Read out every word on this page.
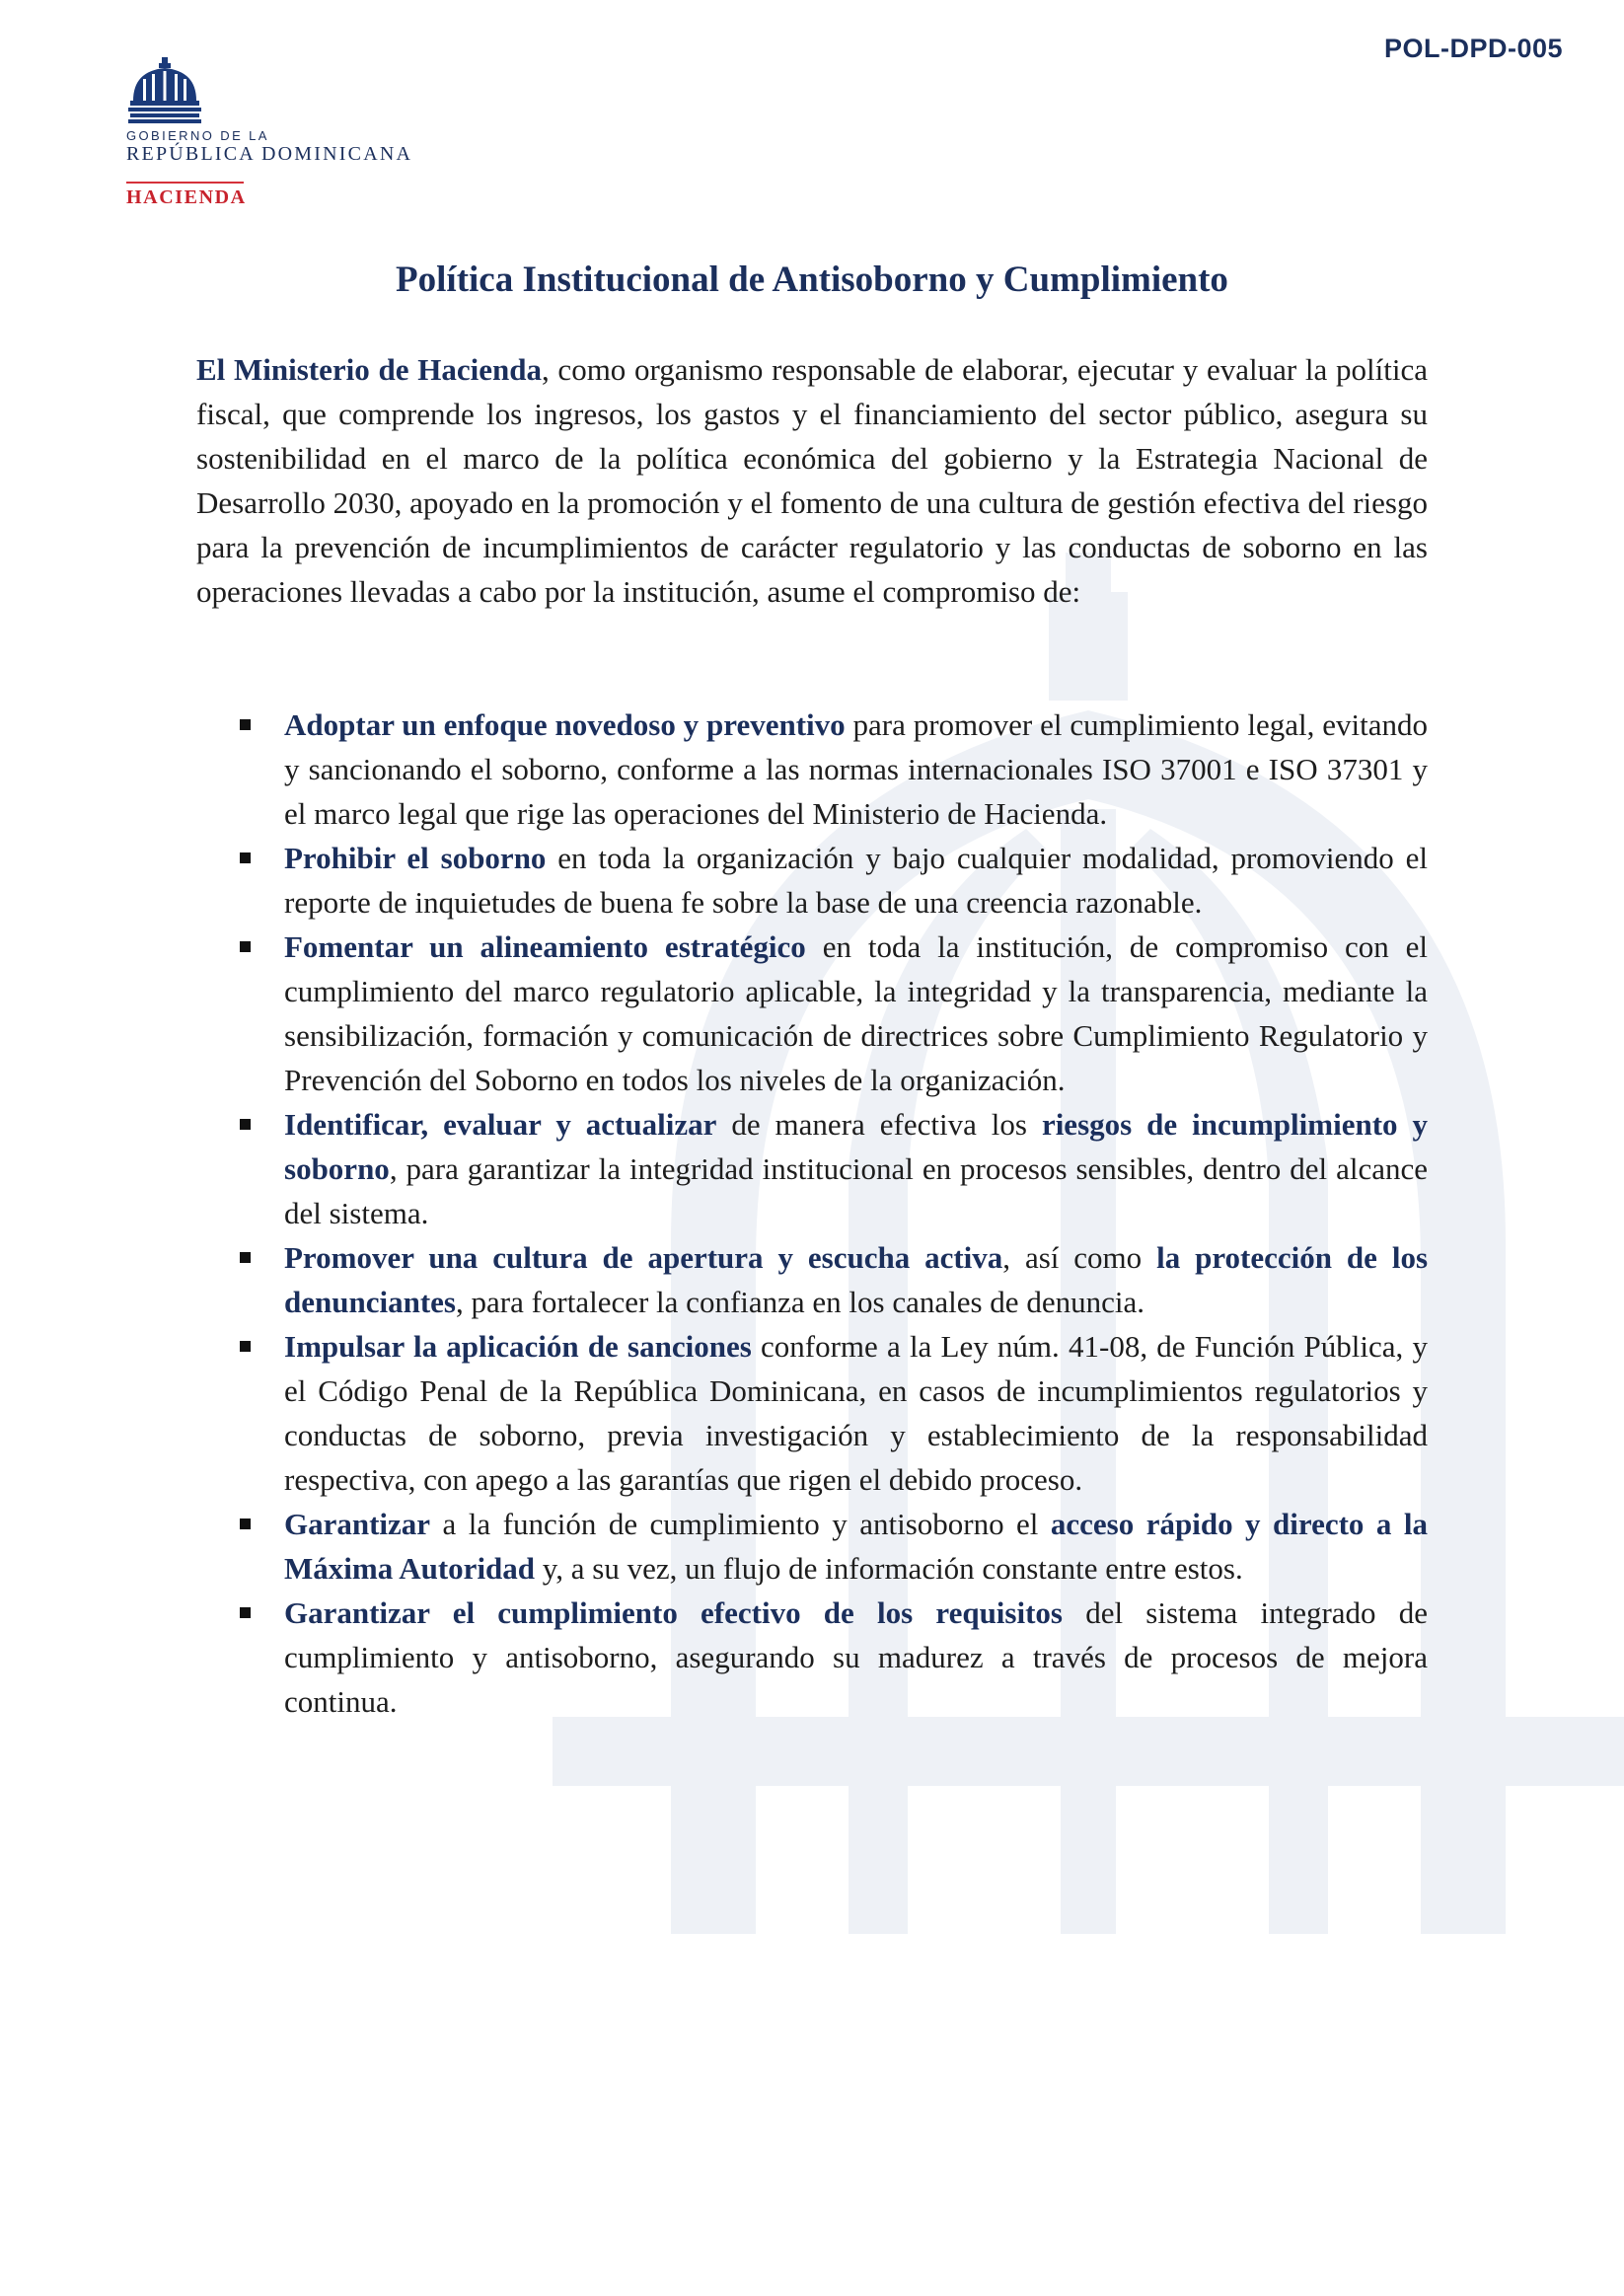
POL-DPD-005
GOBIERNO DE LA
REPÚBLICA DOMINICANA
HACIENDA
Política Institucional de Antisoborno y Cumplimiento

El Ministerio de Hacienda, como organismo responsable de elaborar, ejecutar y evaluar la política fiscal, que comprende los ingresos, los gastos y el financiamiento del sector público, asegura su sostenibilidad en el marco de la política económica del gobierno y la Estrategia Nacional de Desarrollo 2030, apoyado en la promoción y el fomento de una cultura de gestión efectiva del riesgo para la prevención de incumplimientos de carácter regulatorio y las conductas de soborno en las operaciones llevadas a cabo por la institución, asume el compromiso de:

Adoptar un enfoque novedoso y preventivo para promover el cumplimiento legal, evitando y sancionando el soborno, conforme a las normas internacionales ISO 37001 e ISO 37301 y el marco legal que rige las operaciones del Ministerio de Hacienda.
Prohibir el soborno en toda la organización y bajo cualquier modalidad, promoviendo el reporte de inquietudes de buena fe sobre la base de una creencia razonable.
Fomentar un alineamiento estratégico en toda la institución, de compromiso con el cumplimiento del marco regulatorio aplicable, la integridad y la transparencia, mediante la sensibilización, formación y comunicación de directrices sobre Cumplimiento Regulatorio y Prevención del Soborno en todos los niveles de la organización.
Identificar, evaluar y actualizar de manera efectiva los riesgos de incumplimiento y soborno, para garantizar la integridad institucional en procesos sensibles, dentro del alcance del sistema.
Promover una cultura de apertura y escucha activa, así como la protección de los denunciantes, para fortalecer la confianza en los canales de denuncia.
Impulsar la aplicación de sanciones conforme a la Ley núm. 41-08, de Función Pública, y el Código Penal de la República Dominicana, en casos de incumplimientos regulatorios y conductas de soborno, previa investigación y establecimiento de la responsabilidad respectiva, con apego a las garantías que rigen el debido proceso.
Garantizar a la función de cumplimiento y antisoborno el acceso rápido y directo a la Máxima Autoridad y, a su vez, un flujo de información constante entre estos.
Garantizar el cumplimiento efectivo de los requisitos del sistema integrado de cumplimiento y antisoborno, asegurando su madurez a través de procesos de mejora continua.
